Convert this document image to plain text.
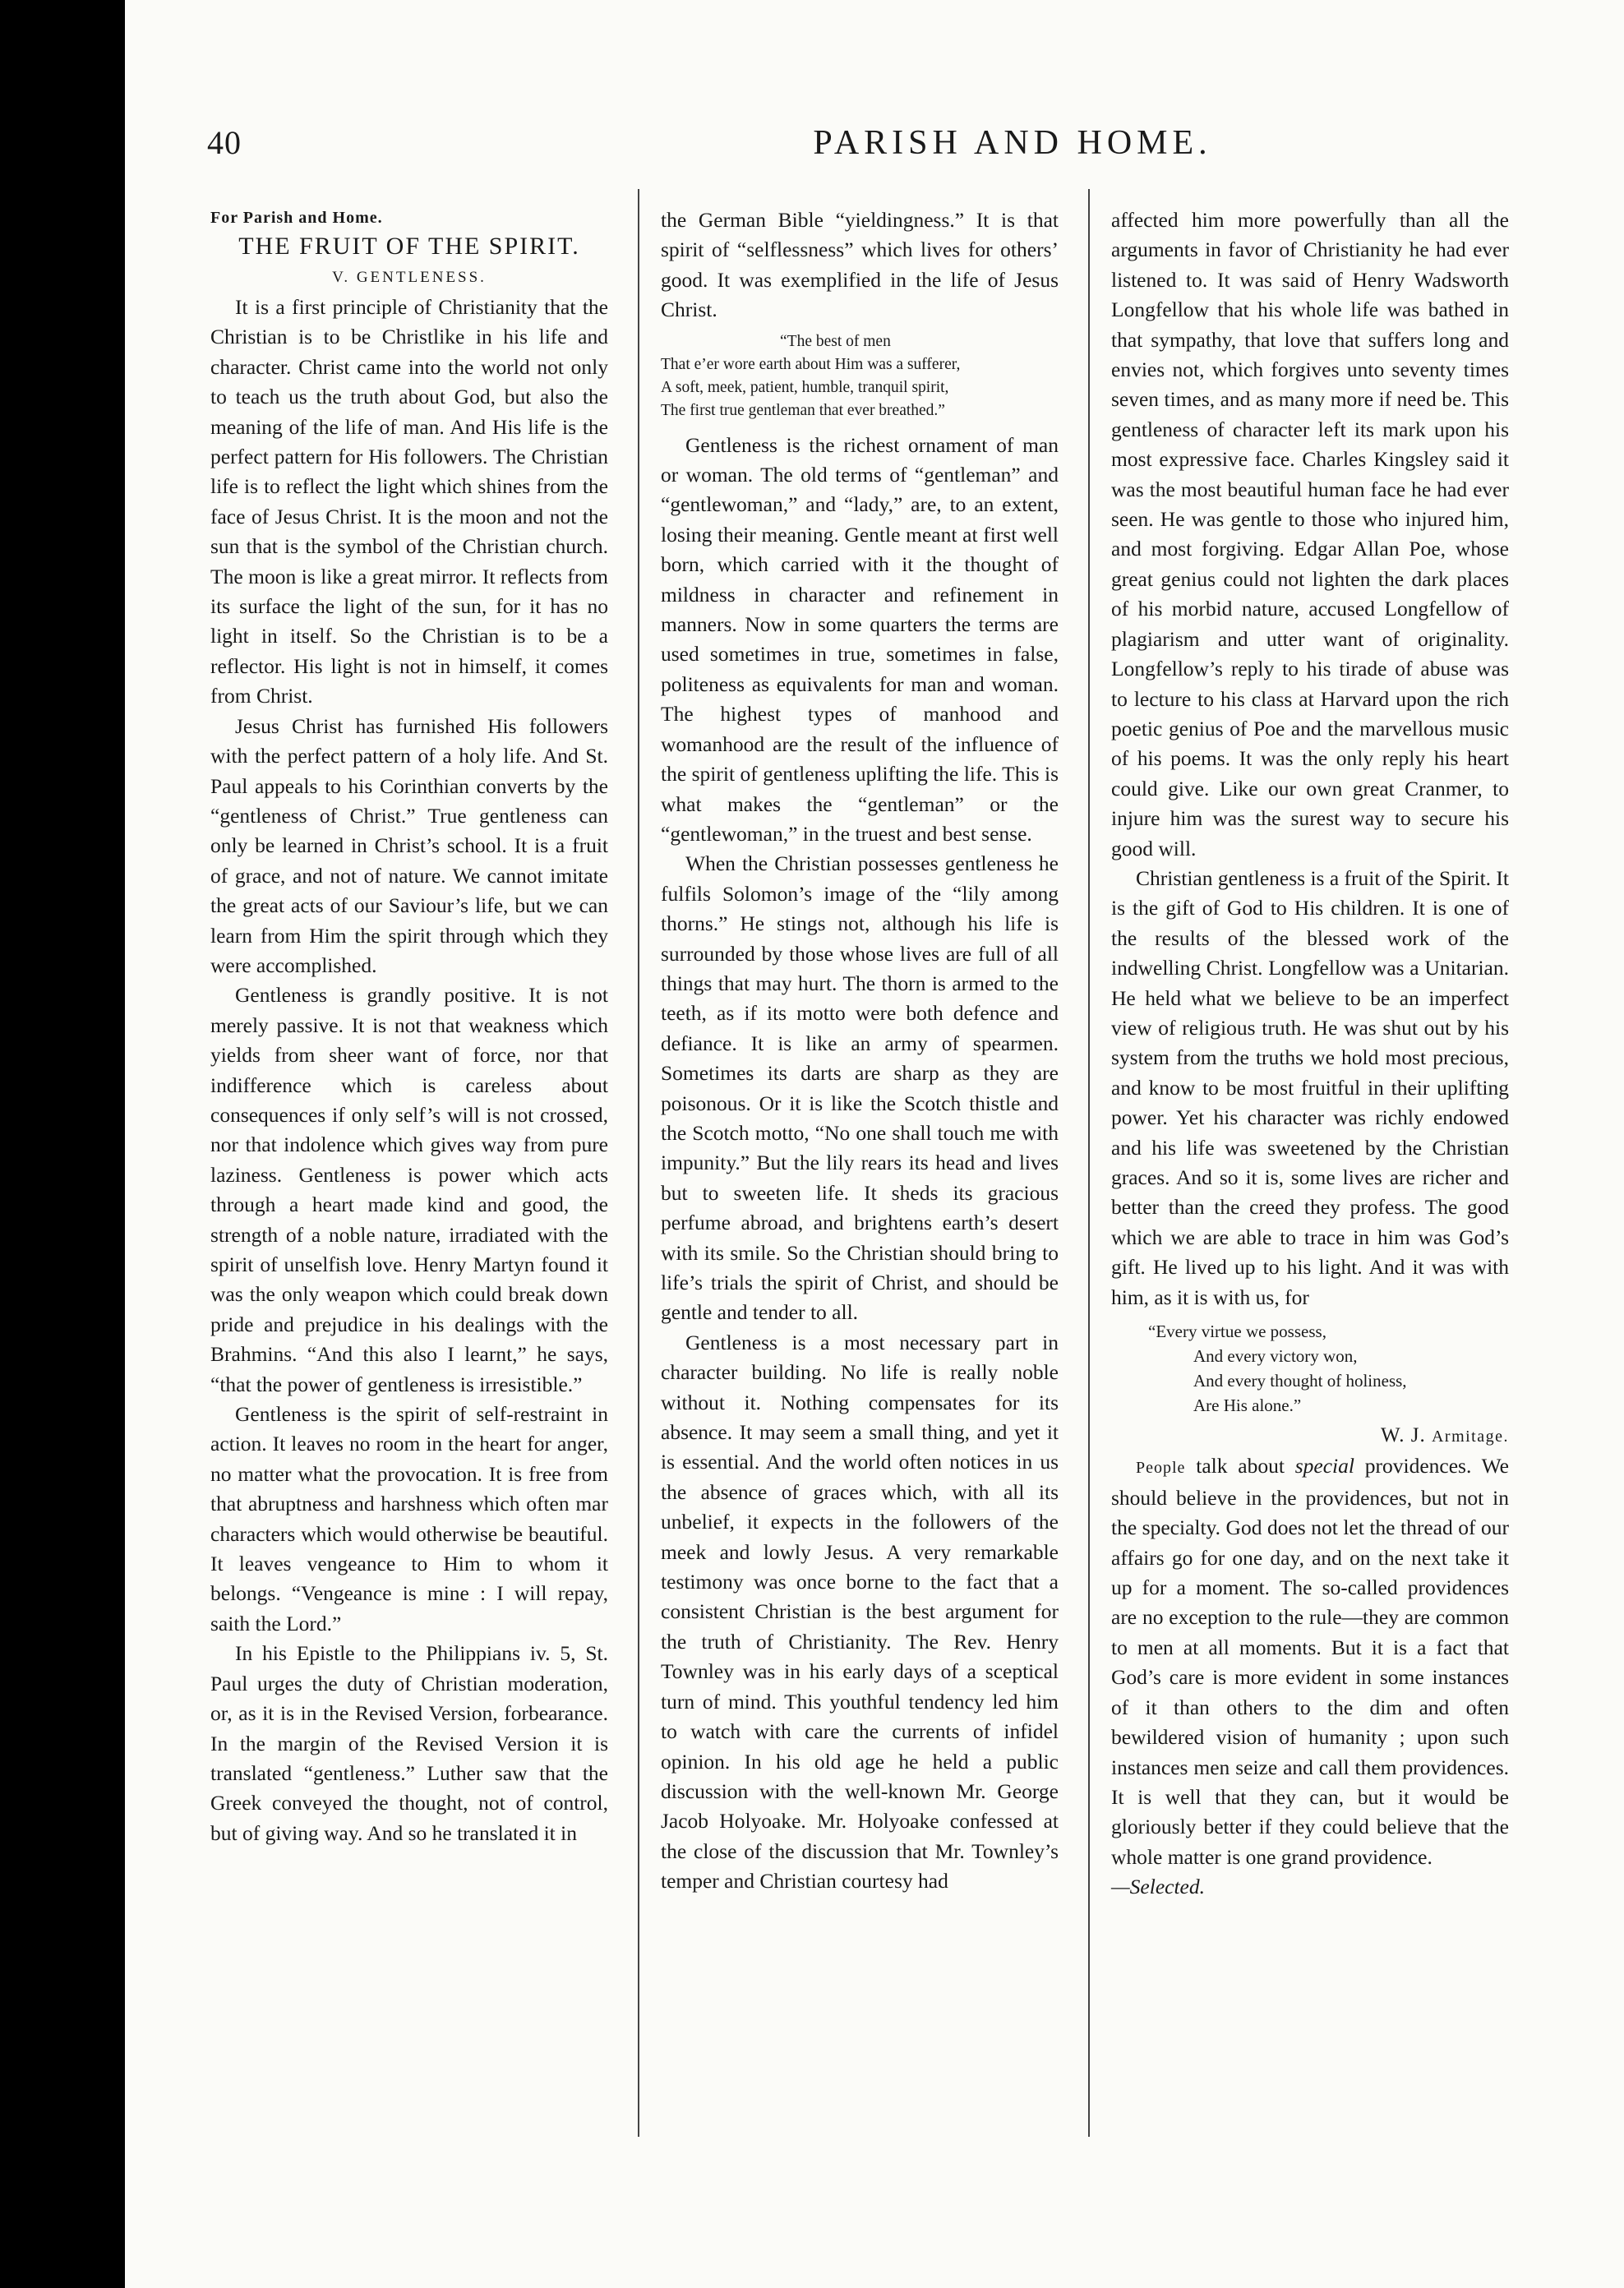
40	PARISH AND HOME.

For Parish and Home.

THE FRUIT OF THE SPIRIT.

V. GENTLENESS.

It is a first principle of Christianity that the Christian is to be Christlike in his life and character. Christ came into the world not only to teach us the truth about God, but also the meaning of the life of man. And His life is the perfect pattern for His followers. The Christian life is to reflect the light which shines from the face of Jesus Christ. It is the moon and not the sun that is the symbol of the Christian church. The moon is like a great mirror. It reflects from its surface the light of the sun, for it has no light in itself. So the Christian is to be a reflector. His light is not in himself, it comes from Christ.

Jesus Christ has furnished His followers with the perfect pattern of a holy life. And St. Paul appeals to his Corinthian converts by the “gentleness of Christ.” True gentleness can only be learned in Christ’s school. It is a fruit of grace, and not of nature. We cannot imitate the great acts of our Saviour’s life, but we can learn from Him the spirit through which they were accomplished.

Gentleness is grandly positive. It is not merely passive. It is not that weakness which yields from sheer want of force, nor that indifference which is careless about consequences if only self’s will is not crossed, nor that indolence which gives way from pure laziness. Gentleness is power which acts through a heart made kind and good, the strength of a noble nature, irradiated with the spirit of unselfish love. Henry Martyn found it was the only weapon which could break down pride and prejudice in his dealings with the Brahmins. “And this also I learnt,” he says, “that the power of gentleness is irresistible.”

Gentleness is the spirit of self-restraint in action. It leaves no room in the heart for anger, no matter what the provocation. It is free from that abruptness and harshness which often mar characters which would otherwise be beautiful. It leaves vengeance to Him to whom it belongs. “Vengeance is mine : I will repay, saith the Lord.”

In his Epistle to the Philippians iv. 5, St. Paul urges the duty of Christian moderation, or, as it is in the Revised Version, forbearance. In the margin of the Revised Version it is translated “gentleness.” Luther saw that the Greek conveyed the thought, not of control, but of giving way. And so he translated it in

the German Bible “yieldingness.” It is that spirit of “selflessness” which lives for others’ good. It was exemplified in the life of Jesus Christ.

“The best of men
That e’er wore earth about Him was a sufferer,
A soft, meek, patient, humble, tranquil spirit,
The first true gentleman that ever breathed.”

Gentleness is the richest ornament of man or woman. The old terms of “gentleman” and “gentlewoman,” and “lady,” are, to an extent, losing their meaning. Gentle meant at first well born, which carried with it the thought of mildness in character and refinement in manners. Now in some quarters the terms are used sometimes in true, sometimes in false, politeness as equivalents for man and woman. The highest types of manhood and womanhood are the result of the influence of the spirit of gentleness uplifting the life. This is what makes the “gentleman” or the “gentlewoman,” in the truest and best sense.

When the Christian possesses gentleness he fulfils Solomon’s image of the “lily among thorns.” He stings not, although his life is surrounded by those whose lives are full of all things that may hurt. The thorn is armed to the teeth, as if its motto were both defence and defiance. It is like an army of spearmen. Sometimes its darts are sharp as they are poisonous. Or it is like the Scotch thistle and the Scotch motto, “No one shall touch me with impunity.” But the lily rears its head and lives but to sweeten life. It sheds its gracious perfume abroad, and brightens earth’s desert with its smile. So the Christian should bring to life’s trials the spirit of Christ, and should be gentle and tender to all.

Gentleness is a most necessary part in character building. No life is really noble without it. Nothing compensates for its absence. It may seem a small thing, and yet it is essential. And the world often notices in us the absence of graces which, with all its unbelief, it expects in the followers of the meek and lowly Jesus. A very remarkable testimony was once borne to the fact that a consistent Christian is the best argument for the truth of Christianity. The Rev. Henry Townley was in his early days of a sceptical turn of mind. This youthful tendency led him to watch with care the currents of infidel opinion. In his old age he held a public discussion with the well-known Mr. George Jacob Holyoake. Mr. Holyoake confessed at the close of the discussion that Mr. Townley’s temper and Christian courtesy had

affected him more powerfully than all the arguments in favor of Christianity he had ever listened to. It was said of Henry Wadsworth Longfellow that his whole life was bathed in that sympathy, that love that suffers long and envies not, which forgives unto seventy times seven times, and as many more if need be. This gentleness of character left its mark upon his most expressive face. Charles Kingsley said it was the most beautiful human face he had ever seen. He was gentle to those who injured him, and most forgiving. Edgar Allan Poe, whose great genius could not lighten the dark places of his morbid nature, accused Longfellow of plagiarism and utter want of originality. Longfellow’s reply to his tirade of abuse was to lecture to his class at Harvard upon the rich poetic genius of Poe and the marvellous music of his poems. It was the only reply his heart could give. Like our own great Cranmer, to injure him was the surest way to secure his good will.

Christian gentleness is a fruit of the Spirit. It is the gift of God to His children. It is one of the results of the blessed work of the indwelling Christ. Longfellow was a Unitarian. He held what we believe to be an imperfect view of religious truth. He was shut out by his system from the truths we hold most precious, and know to be most fruitful in their uplifting power. Yet his character was richly endowed and his life was sweetened by the Christian graces. And so it is, some lives are richer and better than the creed they profess. The good which we are able to trace in him was God’s gift. He lived up to his light. And it was with him, as it is with us, for

“Every virtue we possess,
And every victory won,
And every thought of holiness,
Are His alone.”

W. J. Armitage.

People talk about special providences. We should believe in the providences, but not in the specialty. God does not let the thread of our affairs go for one day, and on the next take it up for a moment. The so-called providences are no exception to the rule—they are common to men at all moments. But it is a fact that God’s care is more evident in some instances of it than others to the dim and often bewildered vision of humanity ; upon such instances men seize and call them providences. It is well that they can, but it would be gloriously better if they could believe that the whole matter is one grand providence.

—Selected.
